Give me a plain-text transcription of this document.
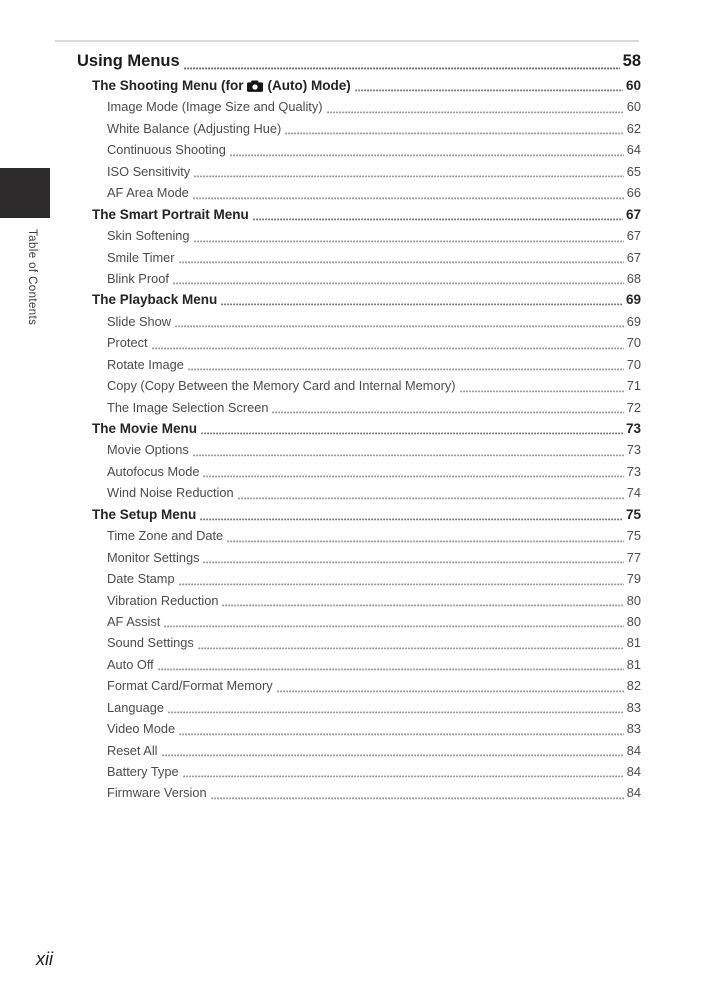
Table of Contents
Using Menus	58
The Shooting Menu (for (Auto) Mode)	60
Image Mode (Image Size and Quality)	60
White Balance (Adjusting Hue)	62
Continuous Shooting	64
ISO Sensitivity	65
AF Area Mode	66
The Smart Portrait Menu	67
Skin Softening	67
Smile Timer	67
Blink Proof	68
The Playback Menu	69
Slide Show	69
Protect	70
Rotate Image	70
Copy (Copy Between the Memory Card and Internal Memory)	71
The Image Selection Screen	72
The Movie Menu	73
Movie Options	73
Autofocus Mode	73
Wind Noise Reduction	74
The Setup Menu	75
Time Zone and Date	75
Monitor Settings	77
Date Stamp	79
Vibration Reduction	80
AF Assist	80
Sound Settings	81
Auto Off	81
Format Card/Format Memory	82
Language	83
Video Mode	83
Reset All	84
Battery Type	84
Firmware Version	84
xii
